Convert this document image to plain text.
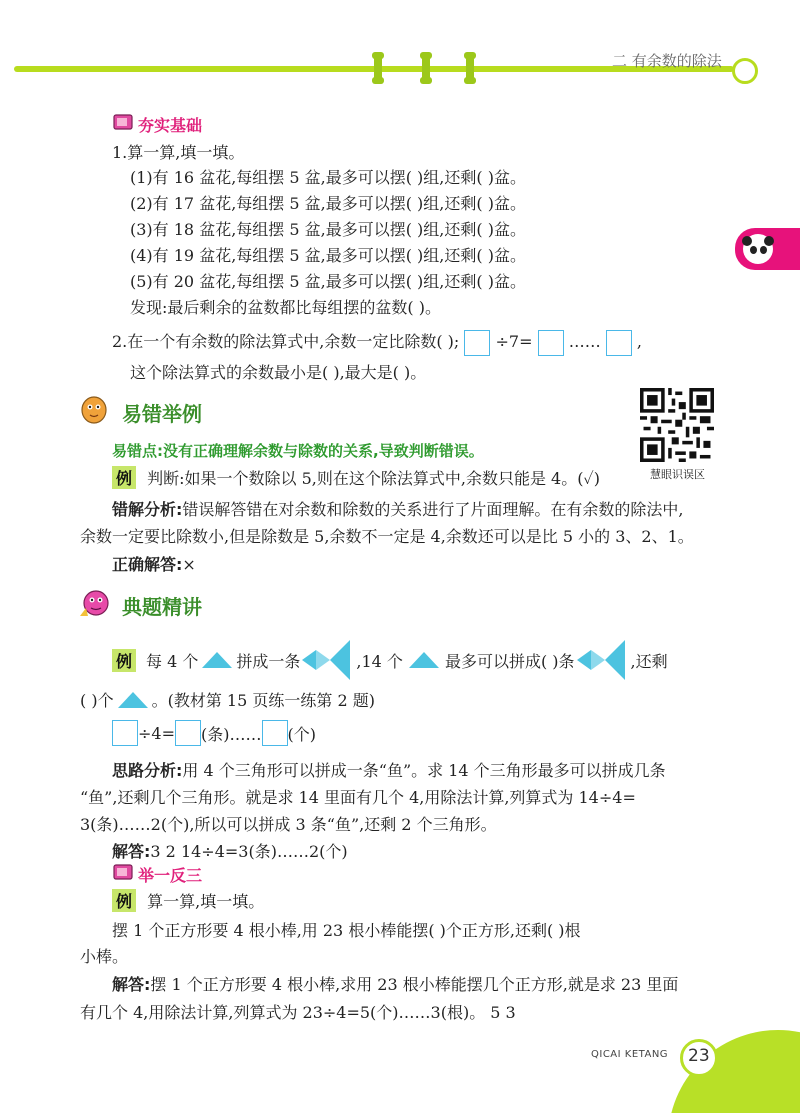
二 有余数的除法
夯实基础
1.算一算,填一填。
(1)有 16 盆花,每组摆 5 盆,最多可以摆( )组,还剩( )盆。
(2)有 17 盆花,每组摆 5 盆,最多可以摆( )组,还剩( )盆。
(3)有 18 盆花,每组摆 5 盆,最多可以摆( )组,还剩( )盆。
(4)有 19 盆花,每组摆 5 盆,最多可以摆( )组,还剩( )盆。
(5)有 20 盆花,每组摆 5 盆,最多可以摆( )组,还剩( )盆。
发现:最后剩余的盆数都比每组摆的盆数( )。
2.在一个有余数的除法算式中,余数一定比除数( ); ÷7= …… ,
这个除法算式的余数最小是( ),最大是( )。
易错举例
慧眼识误区
易错点:没有正确理解余数与除数的关系,导致判断错误。
例 判断:如果一个数除以 5,则在这个除法算式中,余数只能是 4。(✓)
错解分析:错误解答错在对余数和除数的关系进行了片面理解。在有余数的除法中,
余数一定要比除数小,但是除数是 5,余数不一定是 4,余数还可以是比 5 小的 3、2、1。
正确解答:×
典题精讲
例 每 4 个 拼成一条	,14 个	最多可以拼成( )条	,还剩
( )个 。(教材第 15 页练一练第 2 题)
÷4= (条)…… (个)
思路分析:用 4 个三角形可以拼成一条“鱼”。求 14 个三角形最多可以拼成几条
“鱼”,还剩几个三角形。就是求 14 里面有几个 4,用除法计算,列算式为 14÷4=
3(条)……2(个),所以可以拼成 3 条“鱼”,还剩 2 个三角形。
解答:3 2 14÷4=3(条)……2(个)
举一反三
例 算一算,填一填。
摆 1 个正方形要 4 根小棒,用 23 根小棒能摆( )个正方形,还剩( )根
小棒。
解答:摆 1 个正方形要 4 根小棒,求用 23 根小棒能摆几个正方形,就是求 23 里面
有几个 4,用除法计算,列算式为 23÷4=5(个)……3(根)。 5 3
QICAI KETANG 23
